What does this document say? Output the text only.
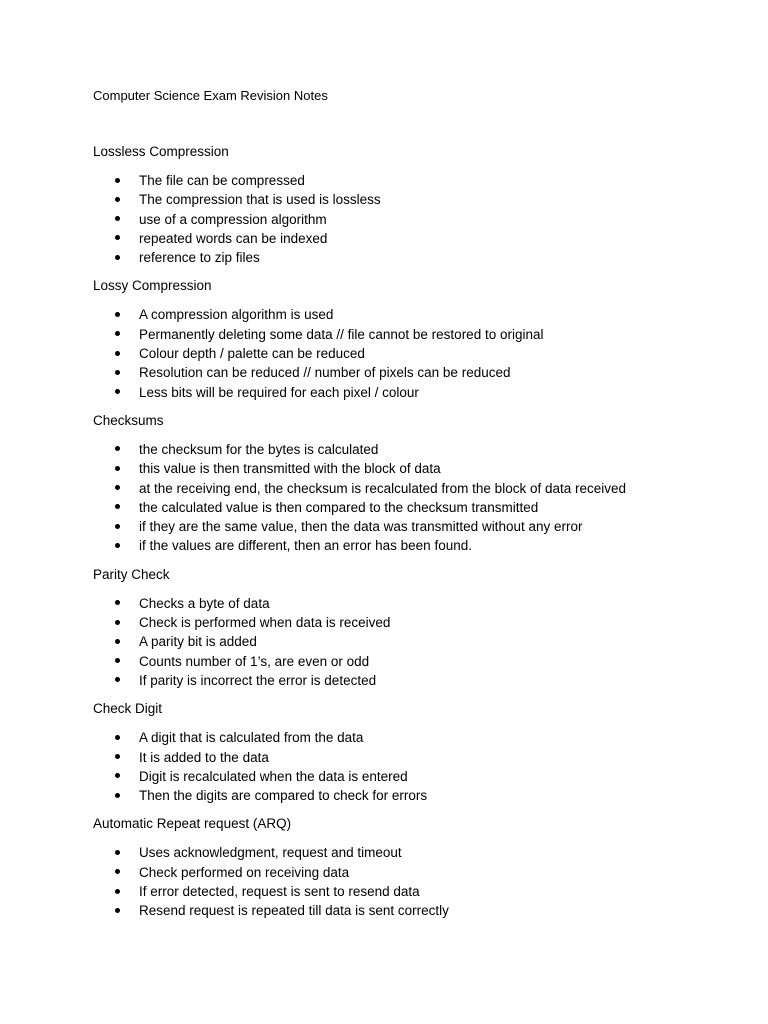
Computer Science Exam Revision Notes
Lossless Compression
The file can be compressed
The compression that is used is lossless
use of a compression algorithm
repeated words can be indexed
reference to zip files
Lossy Compression
A compression algorithm is used
Permanently deleting some data // file cannot be restored to original
Colour depth / palette can be reduced
Resolution can be reduced // number of pixels can be reduced
Less bits will be required for each pixel / colour
Checksums
the checksum for the bytes is calculated
this value is then transmitted with the block of data
at the receiving end, the checksum is recalculated from the block of data received
the calculated value is then compared to the checksum transmitted
if they are the same value, then the data was transmitted without any error
if the values are different, then an error has been found.
Parity Check
Checks a byte of data
Check is performed when data is received
A parity bit is added
Counts number of 1’s, are even or odd
If parity is incorrect the error is detected
Check Digit
A digit that is calculated from the data
It is added to the data
Digit is recalculated when the data is entered
Then the digits are compared to check for errors
Automatic Repeat request (ARQ)
Uses acknowledgment, request and timeout
Check performed on receiving data
If error detected, request is sent to resend data
Resend request is repeated till data is sent correctly
